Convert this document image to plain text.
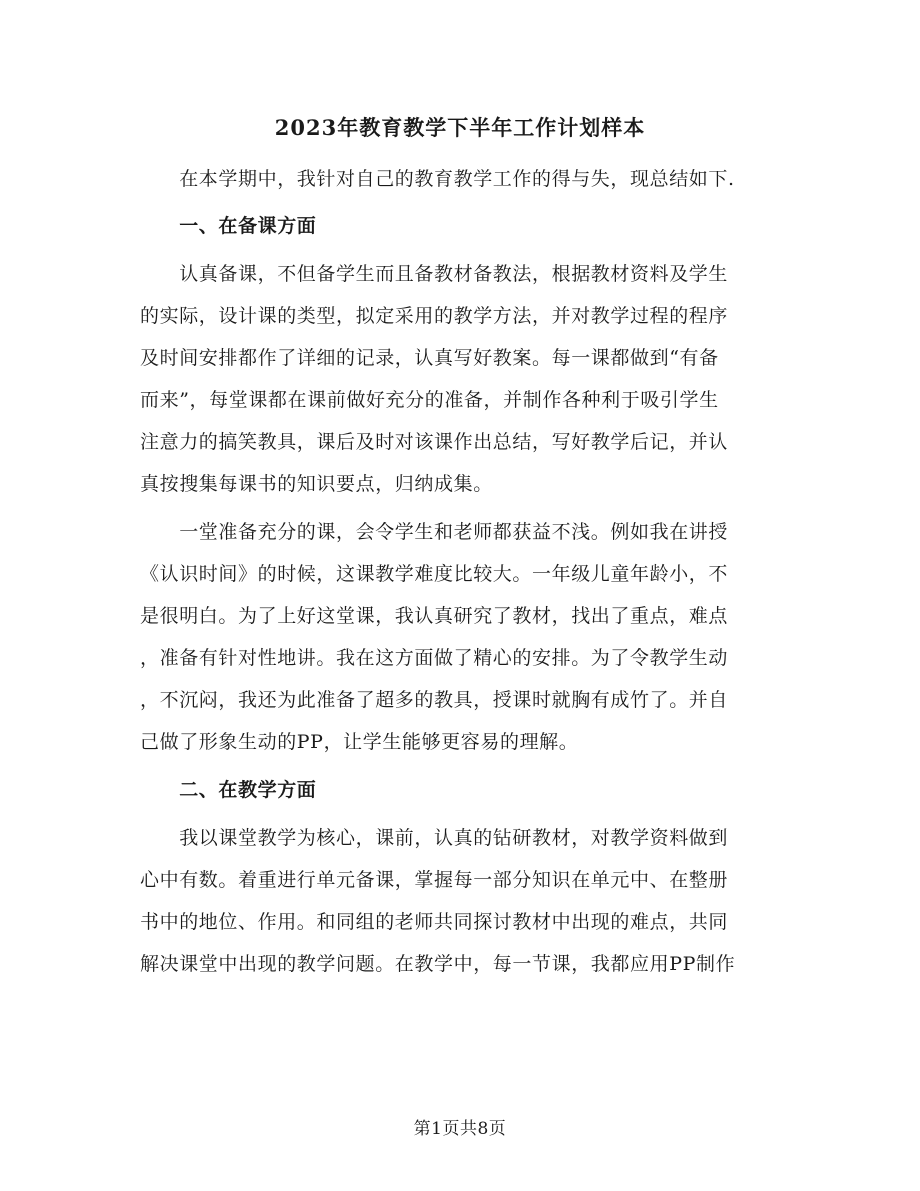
2023年教育教学下半年工作计划样本
　　在本学期中，我针对自己的教育教学工作的得与失，现总结如下.
　　一、在备课方面
　　认真备课，不但备学生而且备教材备教法，根据教材资料及学生
的实际，设计课的类型，拟定采用的教学方法，并对教学过程的程序
及时间安排都作了详细的记录，认真写好教案。每一课都做到“有备
而来”，每堂课都在课前做好充分的准备，并制作各种利于吸引学生
注意力的搞笑教具，课后及时对该课作出总结，写好教学后记，并认
真按搜集每课书的知识要点，归纳成集。
　　一堂准备充分的课，会令学生和老师都获益不浅。例如我在讲授
《认识时间》的时候，这课教学难度比较大。一年级儿童年龄小，不
是很明白。为了上好这堂课，我认真研究了教材，找出了重点，难点
，准备有针对性地讲。我在这方面做了精心的安排。为了令教学生动
，不沉闷，我还为此准备了超多的教具，授课时就胸有成竹了。并自
己做了形象生动的PP，让学生能够更容易的理解。
　　二、在教学方面
　　我以课堂教学为核心，课前，认真的钻研教材，对教学资料做到
心中有数。着重进行单元备课，掌握每一部分知识在单元中、在整册
书中的地位、作用。和同组的老师共同探讨教材中出现的难点，共同
解决课堂中出现的教学问题。在教学中，每一节课，我都应用PP制作
第1页共8页
